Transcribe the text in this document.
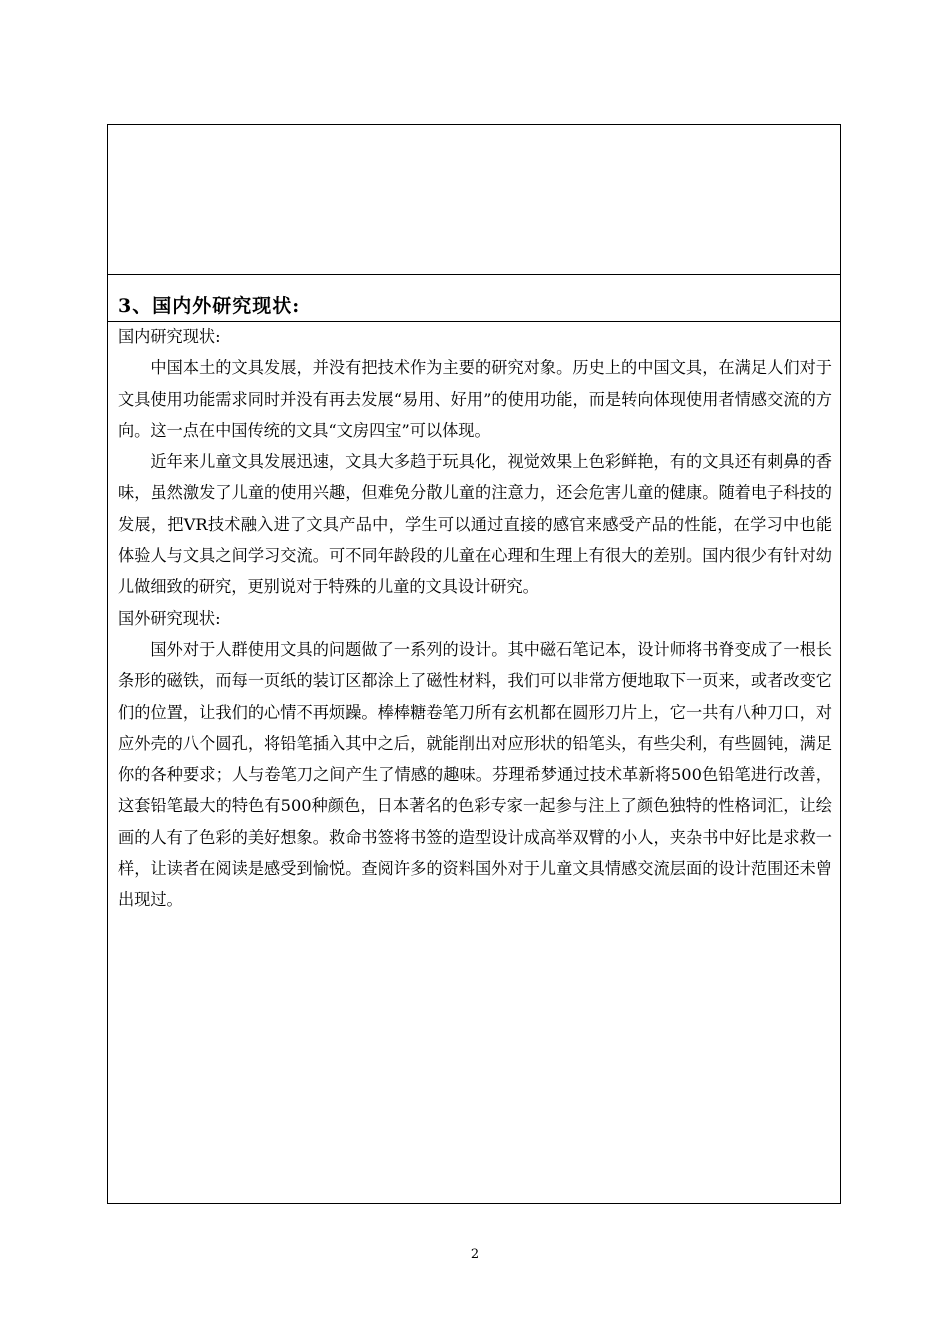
3、国内外研究现状:

国内研究现状:

中国本土的文具发展，并没有把技术作为主要的研究对象。历史上的中国文具，在满足人们对于文具使用功能需求同时并没有再去发展“易用、好用”的使用功能，而是转向体现使用者情感交流的方向。这一点在中国传统的文具“文房四宝”可以体现。

近年来儿童文具发展迅速，文具大多趋于玩具化，视觉效果上色彩鲜艳，有的文具还有刺鼻的香味，虽然激发了儿童的使用兴趣，但难免分散儿童的注意力，还会危害儿童的健康。随着电子科技的发展，把VR技术融入进了文具产品中，学生可以通过直接的感官来感受产品的性能，在学习中也能体验人与文具之间学习交流。可不同年龄段的儿童在心理和生理上有很大的差别。国内很少有针对幼儿做细致的研究，更别说对于特殊的儿童的文具设计研究。

国外研究现状:

国外对于人群使用文具的问题做了一系列的设计。其中磁石笔记本，设计师将书脊变成了一根长条形的磁铁，而每一页纸的装订区都涂上了磁性材料，我们可以非常方便地取下一页来，或者改变它们的位置，让我们的心情不再烦躁。棒棒糖卷笔刀所有玄机都在圆形刀片上，它一共有八种刀口，对应外壳的八个圆孔，将铅笔插入其中之后，就能削出对应形状的铅笔头，有些尖利，有些圆钝，满足你的各种要求；人与卷笔刀之间产生了情感的趣味。芬理希梦通过技术革新将500色铅笔进行改善，这套铅笔最大的特色有500种颜色，日本著名的色彩专家一起参与注上了颜色独特的性格词汇，让绘画的人有了色彩的美好想象。救命书签将书签的造型设计成高举双臂的小人，夹杂书中好比是求救一样，让读者在阅读是感受到愉悦。查阅许多的资料国外对于儿童文具情感交流层面的设计范围还未曾出现过。

2
